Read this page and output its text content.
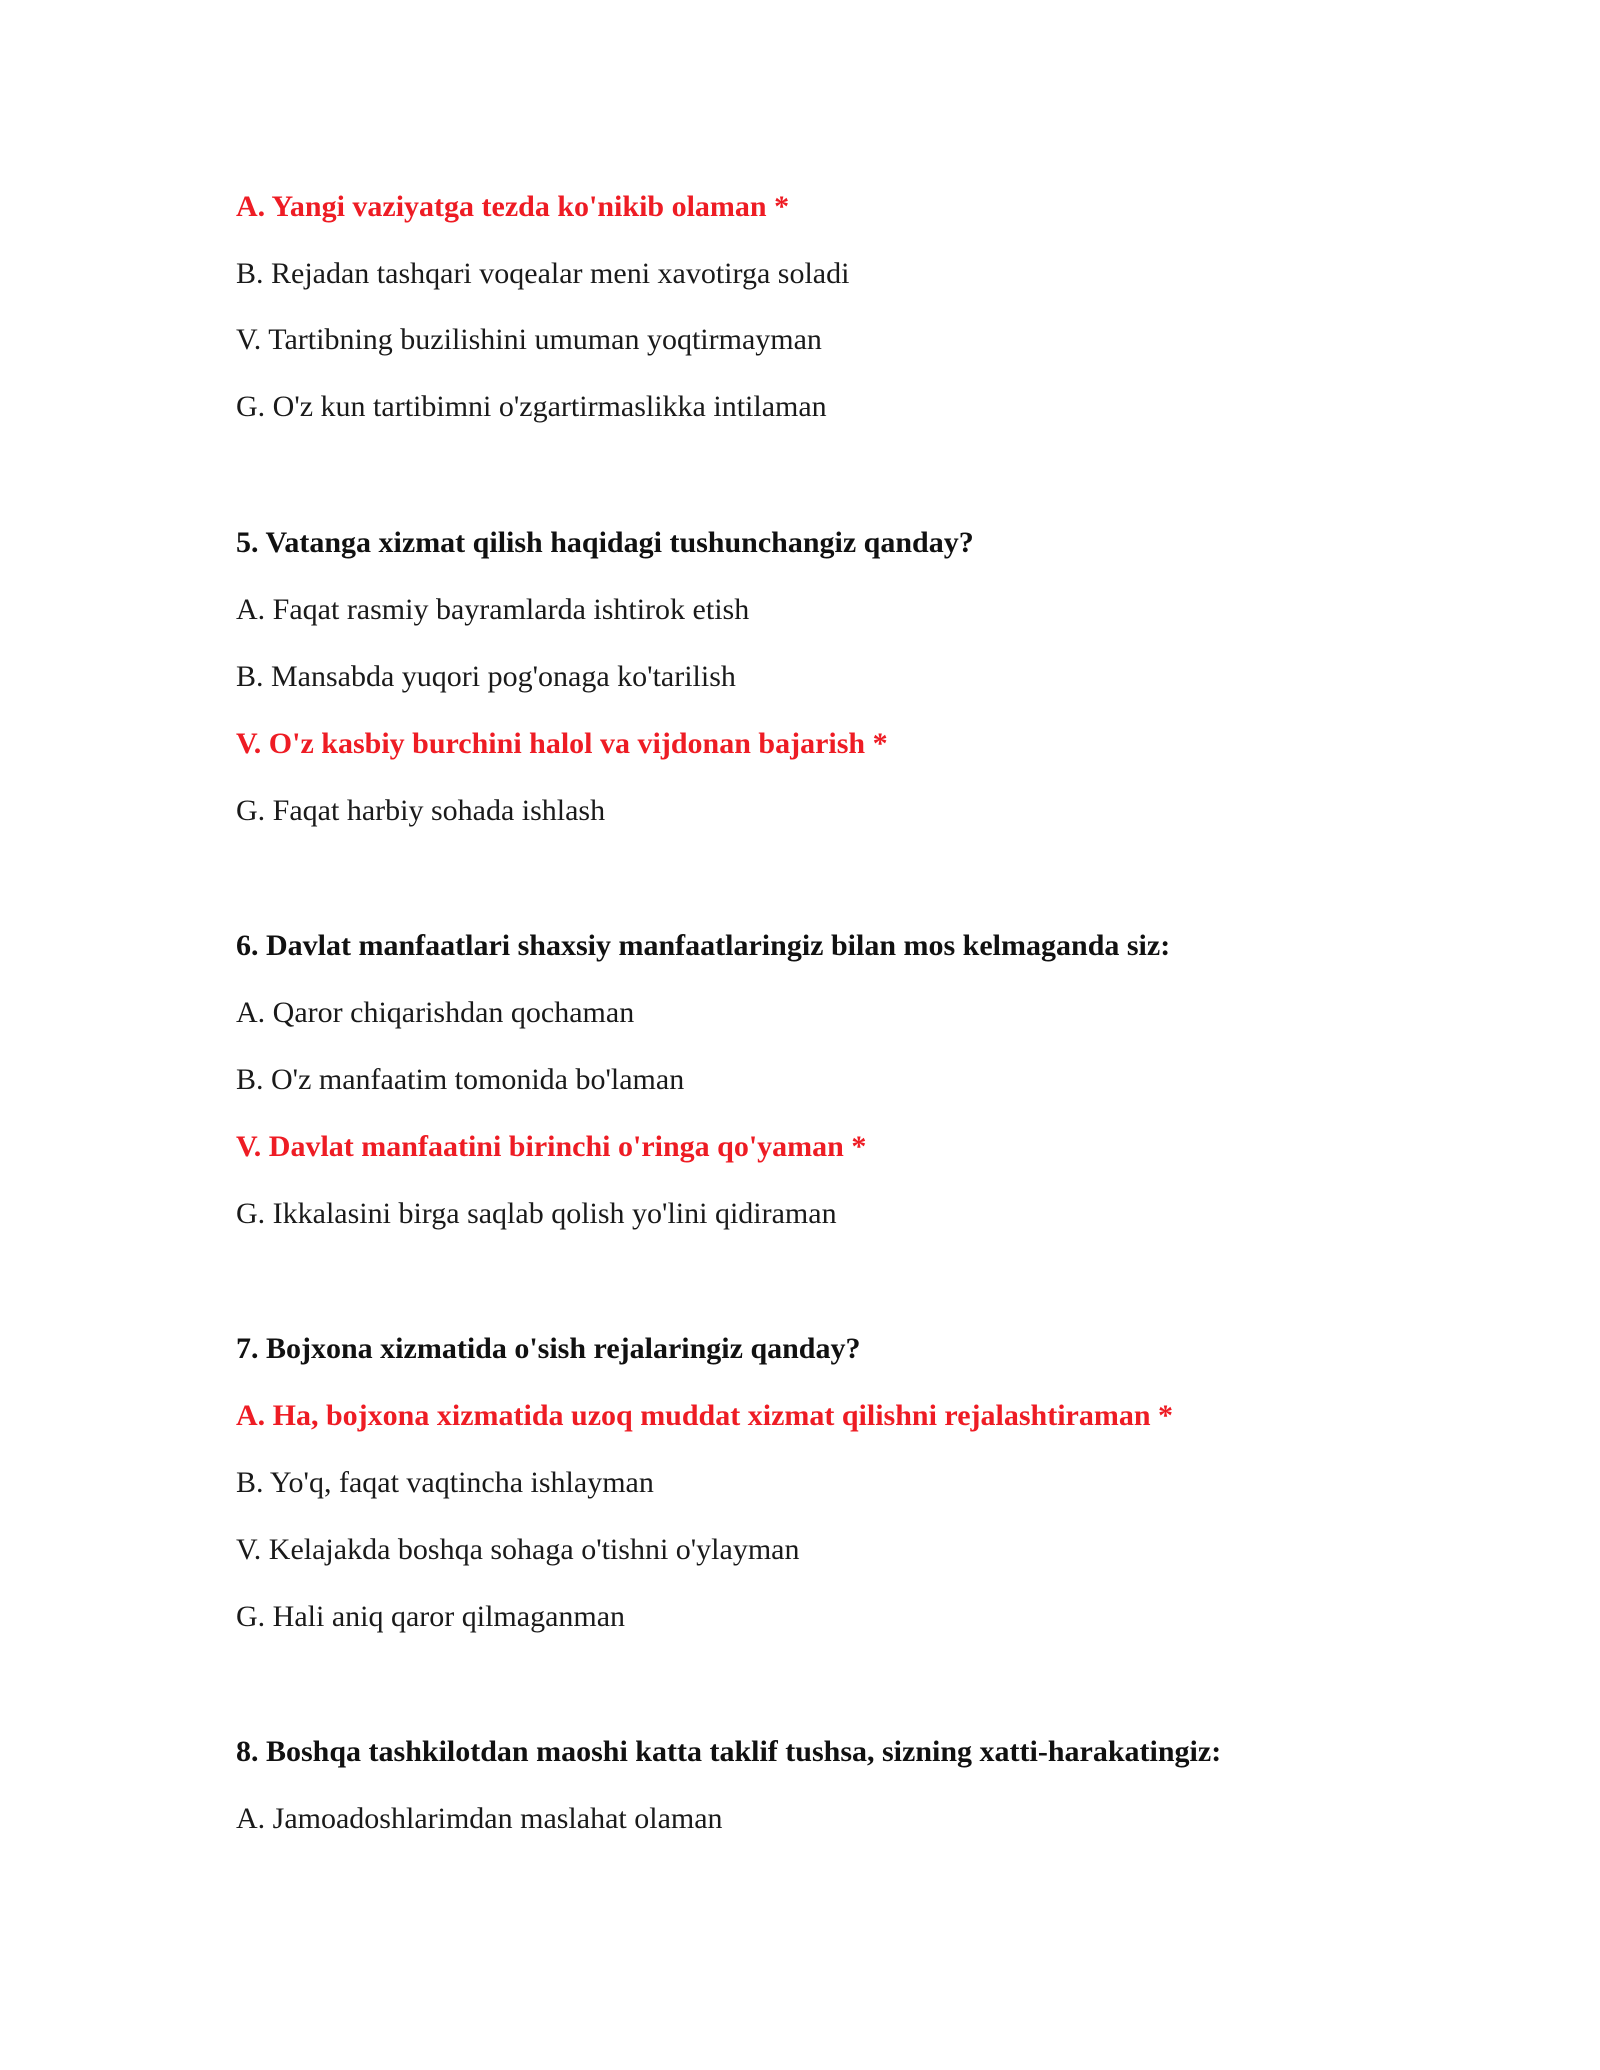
A. Yangi vaziyatga tezda ko'nikib olaman *
B. Rejadan tashqari voqealar meni xavotirga soladi
V. Tartibning buzilishini umuman yoqtirmayman
G. O'z kun tartibimni o'zgartirmaslikka intilaman
5. Vatanga xizmat qilish haqidagi tushunchangiz qanday?
A. Faqat rasmiy bayramlarda ishtirok etish
B. Mansabda yuqori pog'onaga ko'tarilish
V. O'z kasbiy burchini halol va vijdonan bajarish *
G. Faqat harbiy sohada ishlash
6. Davlat manfaatlari shaxsiy manfaatlaringiz bilan mos kelmaganda siz:
A. Qaror chiqarishdan qochaman
B. O'z manfaatim tomonida bo'laman
V. Davlat manfaatini birinchi o'ringa qo'yaman *
G. Ikkalasini birga saqlab qolish yo'lini qidiraman
7. Bojxona xizmatida o'sish rejalaringiz qanday?
A. Ha, bojxona xizmatida uzoq muddat xizmat qilishni rejalashtiraman *
B. Yo'q, faqat vaqtincha ishlayman
V. Kelajakda boshqa sohaga o'tishni o'ylayman
G. Hali aniq qaror qilmaganman
8. Boshqa tashkilotdan maoshi katta taklif tushsa, sizning xatti-harakatingiz:
A. Jamoadoshlarimdan maslahat olaman
